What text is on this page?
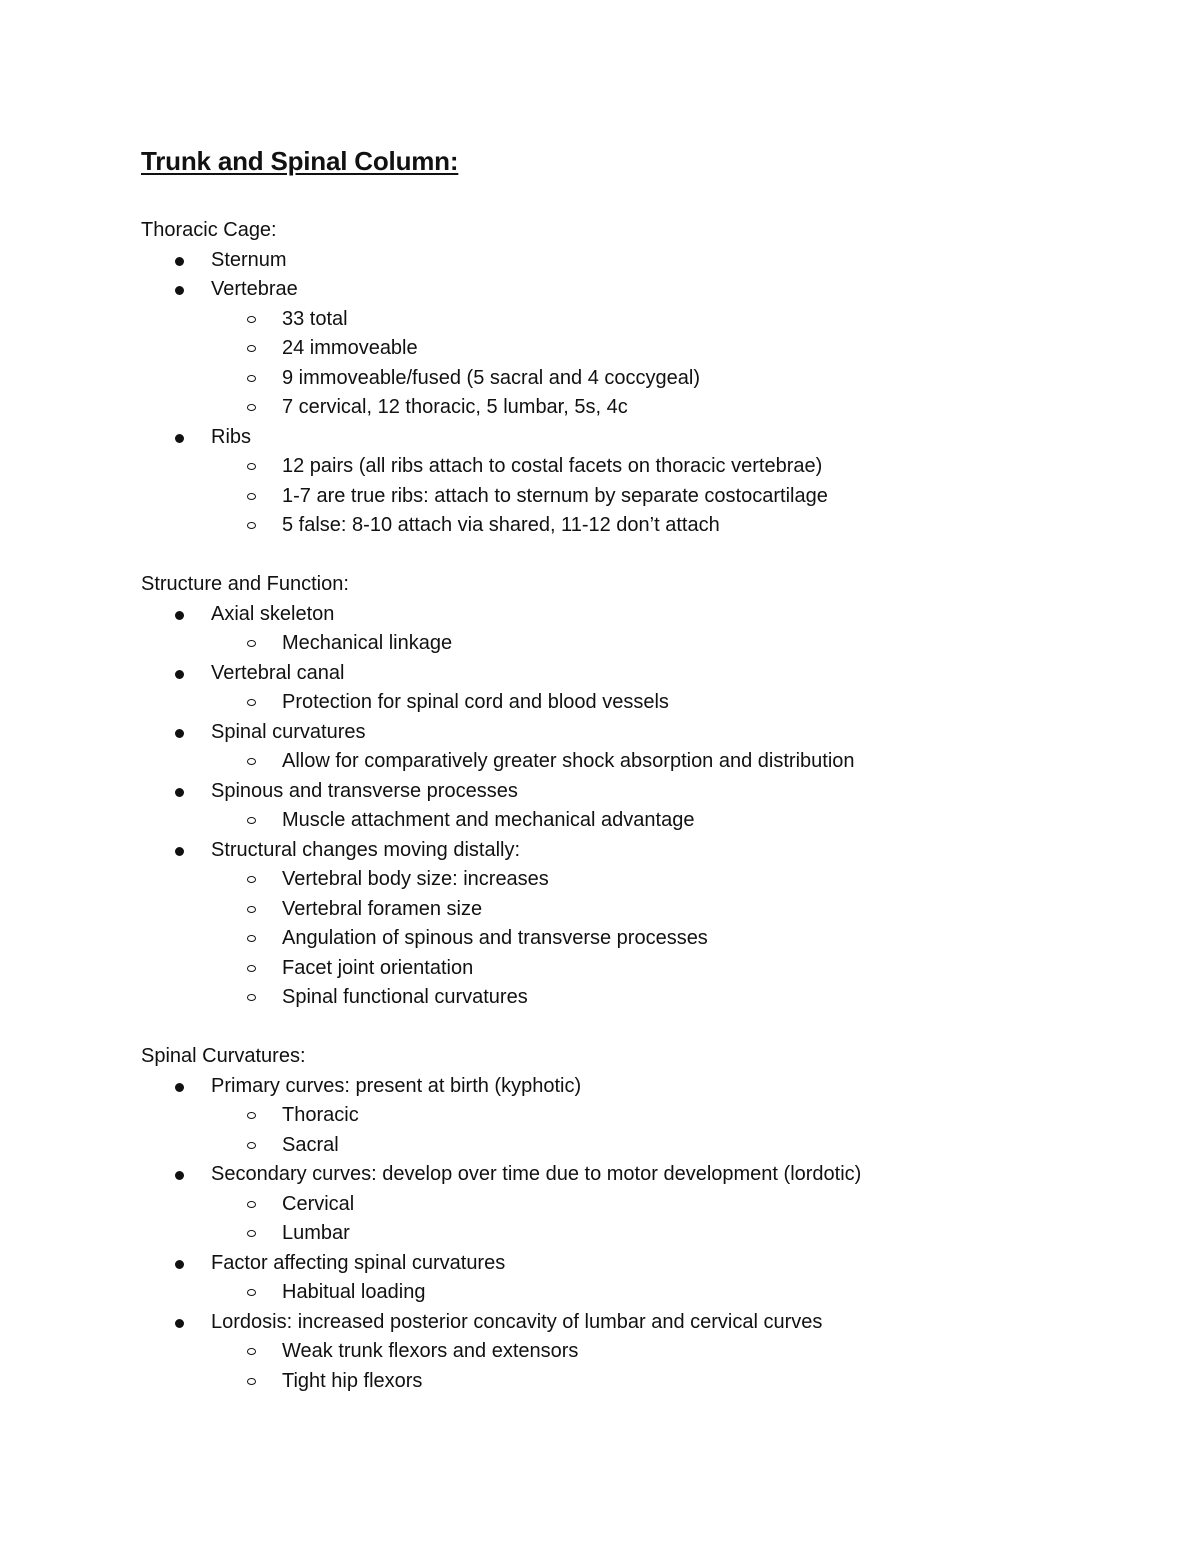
Trunk and Spinal Column:
Thoracic Cage:
Sternum
Vertebrae
33 total
24 immoveable
9 immoveable/fused (5 sacral and 4 coccygeal)
7 cervical, 12 thoracic, 5 lumbar, 5s, 4c
Ribs
12 pairs (all ribs attach to costal facets on thoracic vertebrae)
1-7 are true ribs: attach to sternum by separate costocartilage
5 false: 8-10 attach via shared, 11-12 don’t attach
Structure and Function:
Axial skeleton
Mechanical linkage
Vertebral canal
Protection for spinal cord and blood vessels
Spinal curvatures
Allow for comparatively greater shock absorption and distribution
Spinous and transverse processes
Muscle attachment and mechanical advantage
Structural changes moving distally:
Vertebral body size: increases
Vertebral foramen size
Angulation of spinous and transverse processes
Facet joint orientation
Spinal functional curvatures
Spinal Curvatures:
Primary curves: present at birth (kyphotic)
Thoracic
Sacral
Secondary curves: develop over time due to motor development (lordotic)
Cervical
Lumbar
Factor affecting spinal curvatures
Habitual loading
Lordosis: increased posterior concavity of lumbar and cervical curves
Weak trunk flexors and extensors
Tight hip flexors
